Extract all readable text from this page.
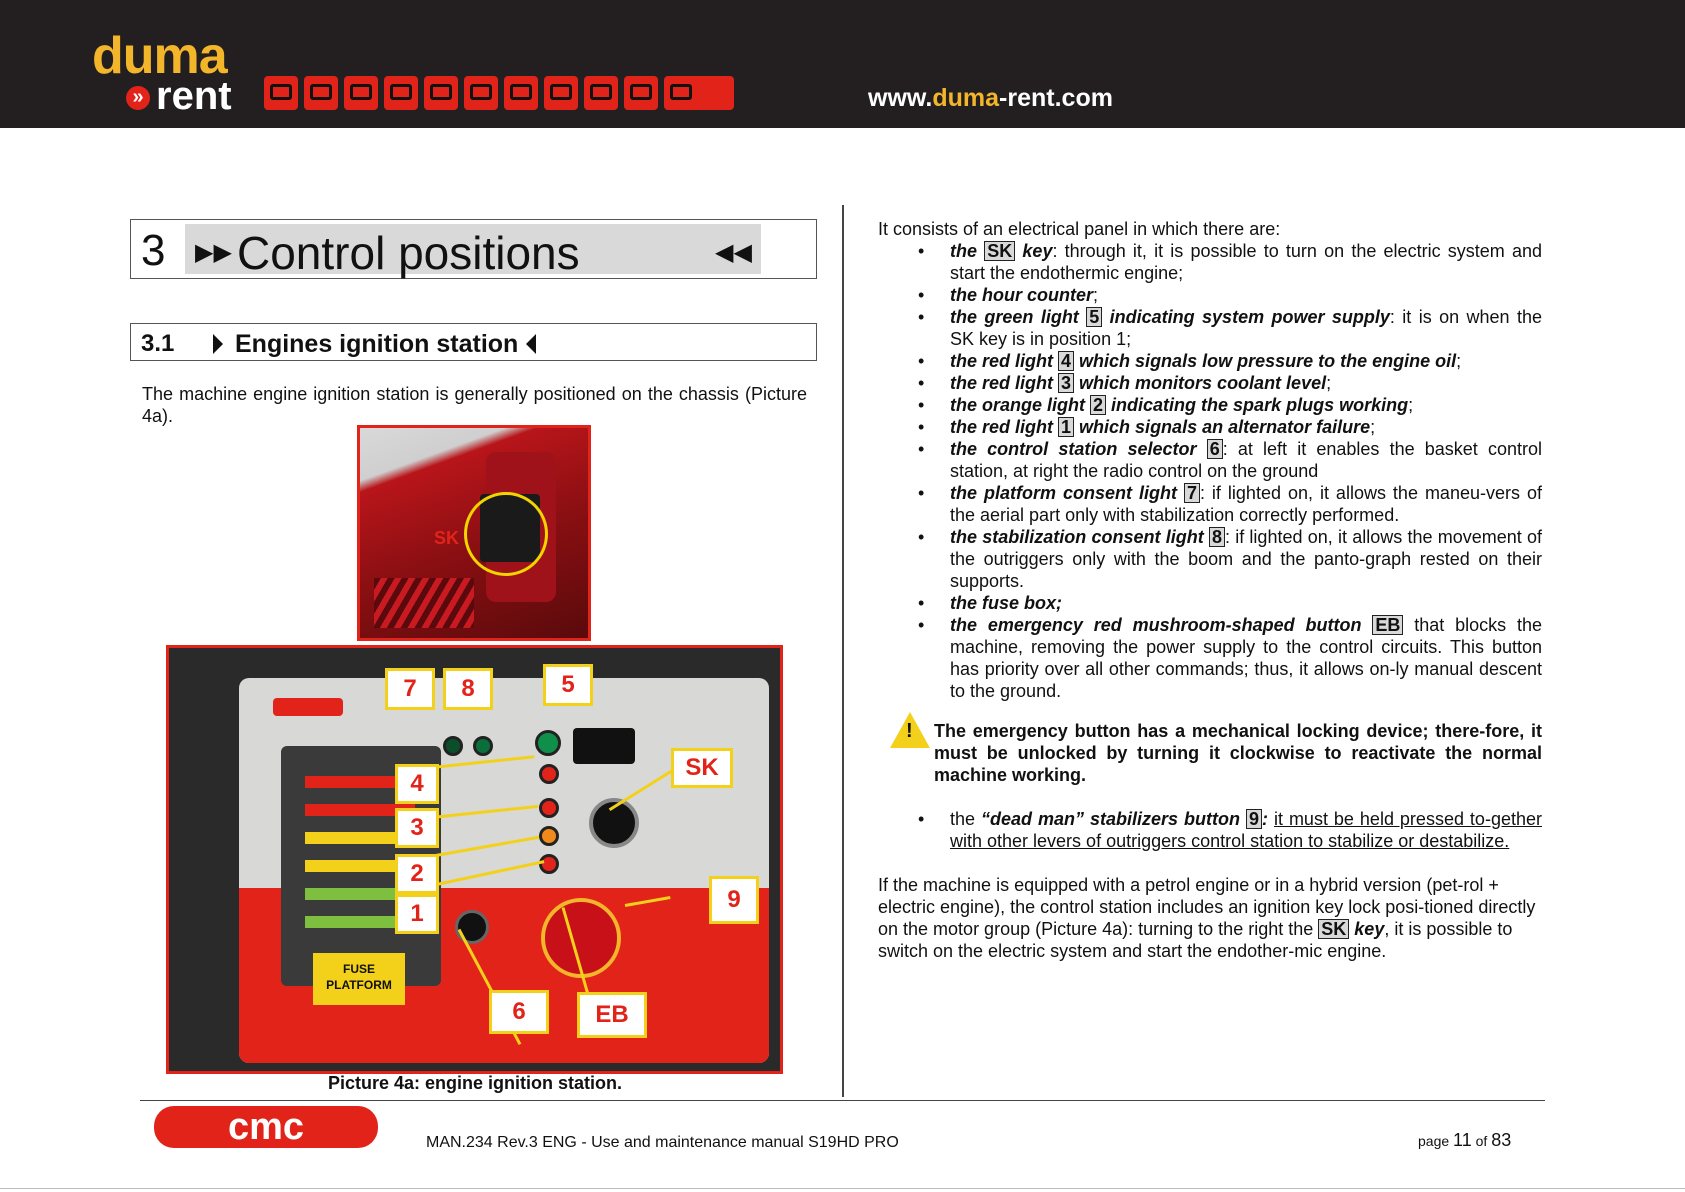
duma
» rent	www.duma-rent.com
3 ▶▶ Control positions	◀◀
3.1	Engines ignition station
The machine engine ignition station is generally positioned on the chassis (Picture 4a).
SK
FUSE
PLATFORM
7	8	5
SK
4
3
2
1
9
6	EB
Picture 4a: engine ignition station.

It consists of an electrical panel in which there are:

• the SK key: through it, it is possible to turn on the electric system and start the endothermic engine;
• the hour counter;
• the green light 5 indicating system power supply: it is on when the SK key is in position 1;
• the red light 4 which signals low pressure to the engine oil;
• the red light 3 which monitors coolant level;
• the orange light 2 indicating the spark plugs working;
• the red light 1 which signals an alternator failure;
• the control station selector 6 : at left it enables the basket control station, at right the radio control on the ground
• the platform consent light 7 : if lighted on, it allows the maneu-vers of the aerial part only with stabilization correctly performed.
• the stabilization consent light 8 : if lighted on, it allows the movement of the outriggers only with the boom and the panto-graph rested on their supports.
• the fuse box;
• the emergency red mushroom-shaped button EB that blocks the machine, removing the power supply to the control circuits. This button has priority over all other commands; thus, it allows on-ly manual descent to the ground.
! The emergency button has a mechanical locking device; there-fore, it must be unlocked by turning it clockwise to reactivate the normal machine working.
• the “dead man” stabilizers button 9 : it must be held pressed to-gether with other levers of outriggers control station to stabilize or destabilize.

If the machine is equipped with a petrol engine or in a hybrid version (pet-rol + electric engine), the control station includes an ignition key lock posi-tioned directly on the motor group (Picture 4a): turning to the right the SK key, it is possible to switch on the electric system and start the endother-mic engine.

cmc	MAN.234 Rev.3 ENG - Use and maintenance manual S19HD PRO	page 11 of 83
